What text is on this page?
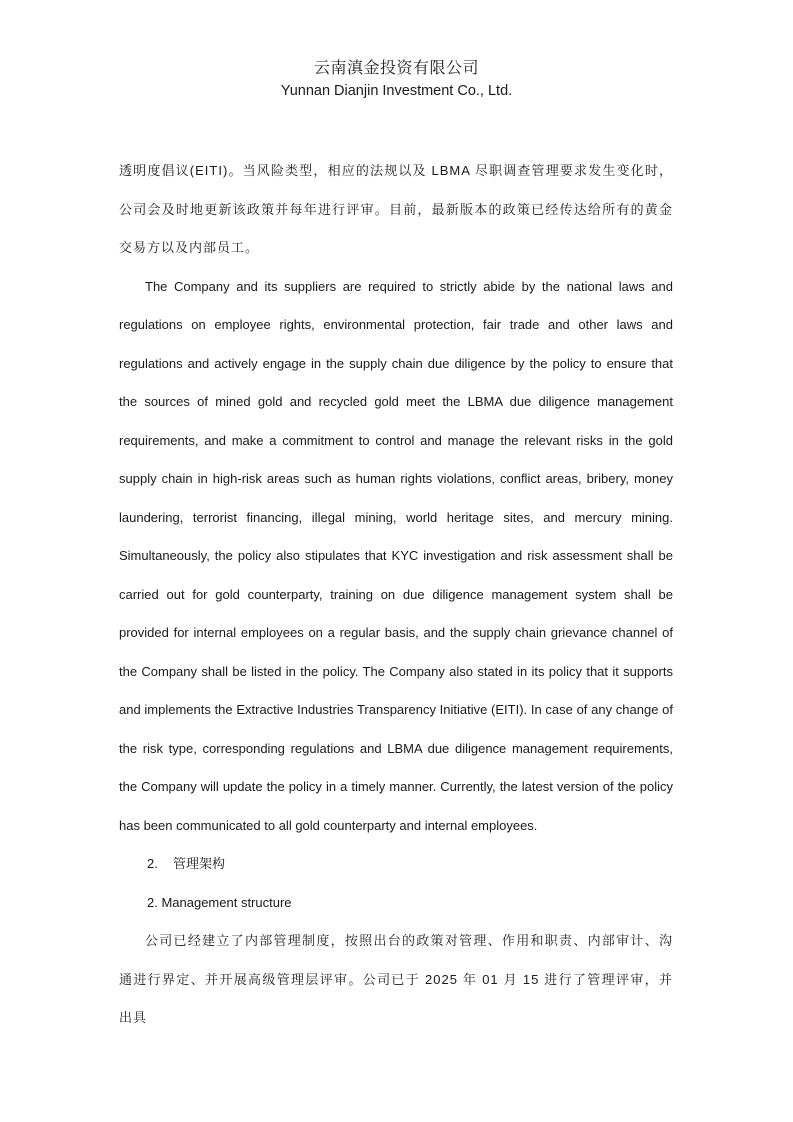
云南滇金投资有限公司
Yunnan Dianjin Investment Co., Ltd.

透明度倡议(EITI)。当风险类型，相应的法规以及 LBMA 尽职调查管理要求发生变化时，公司会及时地更新该政策并每年进行评审。目前，最新版本的政策已经传达给所有的黄金交易方以及内部员工。

The Company and its suppliers are required to strictly abide by the national laws and regulations on employee rights, environmental protection, fair trade and other laws and regulations and actively engage in the supply chain due diligence by the policy to ensure that the sources of mined gold and recycled gold meet the LBMA due diligence management requirements, and make a commitment to control and manage the relevant risks in the gold supply chain in high-risk areas such as human rights violations, conflict areas, bribery, money laundering, terrorist financing, illegal mining, world heritage sites, and mercury mining. Simultaneously, the policy also stipulates that KYC investigation and risk assessment shall be carried out for gold counterparty, training on due diligence management system shall be provided for internal employees on a regular basis, and the supply chain grievance channel of the Company shall be listed in the policy. The Company also stated in its policy that it supports and implements the Extractive Industries Transparency Initiative (EITI). In case of any change of the risk type, corresponding regulations and LBMA due diligence management requirements, the Company will update the policy in a timely manner. Currently, the latest version of the policy has been communicated to all gold counterparty and internal employees.

2. 管理架构

2. Management structure

公司已经建立了内部管理制度，按照出台的政策对管理、作用和职责、内部审计、沟通进行界定、并开展高级管理层评审。公司已于 2025 年 01 月 15 进行了管理评审，并出具
